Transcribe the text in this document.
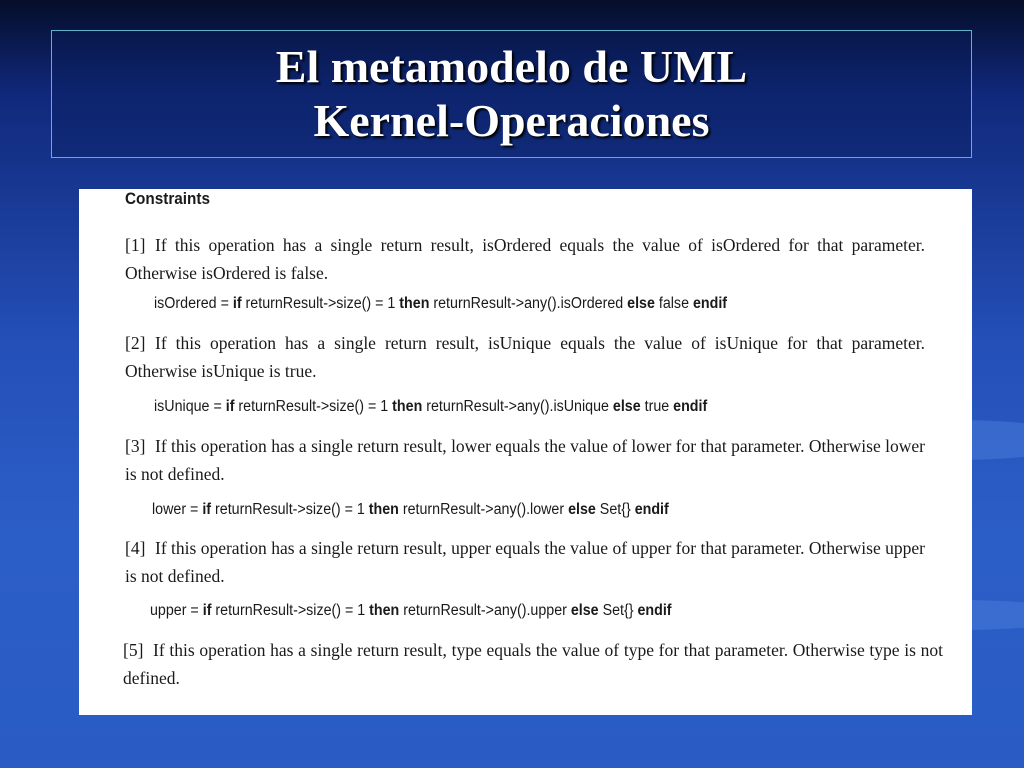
El metamodelo de UML
Kernel-Operaciones
Constraints
[1] If this operation has a single return result, isOrdered equals the value of isOrdered for that parameter. Otherwise isOrdered is false.
isOrdered = if returnResult->size() = 1 then returnResult->any().isOrdered else false endif
[2] If this operation has a single return result, isUnique equals the value of isUnique for that parameter. Otherwise isUnique is true.
isUnique = if returnResult->size() = 1 then returnResult->any().isUnique else true endif
[3] If this operation has a single return result, lower equals the value of lower for that parameter. Otherwise lower is not defined.
lower = if returnResult->size() = 1 then returnResult->any().lower else Set{} endif
[4] If this operation has a single return result, upper equals the value of upper for that parameter. Otherwise upper is not defined.
upper = if returnResult->size() = 1 then returnResult->any().upper else Set{} endif
[5] If this operation has a single return result, type equals the value of type for that parameter. Otherwise type is not defined.
